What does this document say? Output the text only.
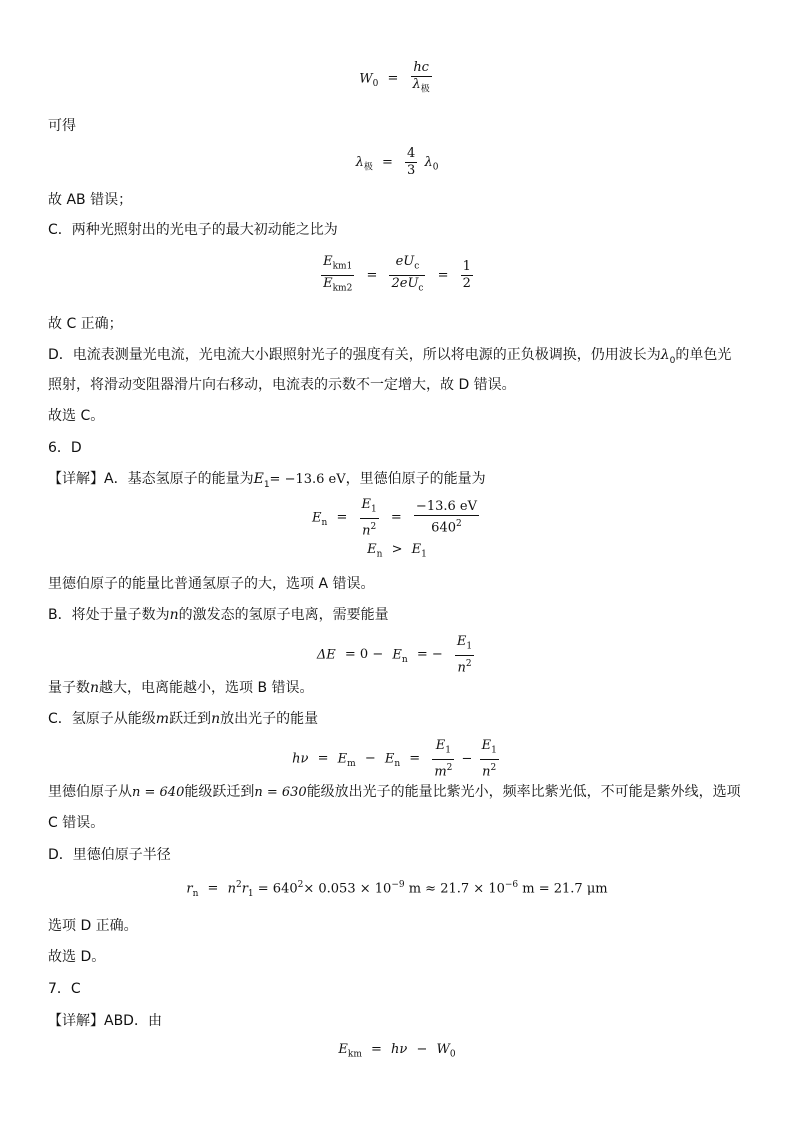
$W_0 = \frac{hc}{\lambda_极}$
可得
$\lambda_极 = \frac{4}{3} \lambda_0$
故 AB 错误；
C．两种光照射出的光电子的最大初动能之比为
$\frac{E_{km1}}{E_{km2}} = \frac{eU_c}{2eU_c} = \frac{1}{2}$
故 C 正确；
D．电流表测量光电流，光电流大小跟照射光子的强度有关，所以将电源的正负极调换，仍用波长为$\lambda_0$的单色光
照射，将滑动变阻器滑片向右移动，电流表的示数不一定增大，故 D 错误。
故选 C。
6．D
【详解】A．基态氢原子的能量为$E_1= -13.6$ eV，里德伯原子的能量为
$E_n = \frac{E_1}{n^2} = \frac{-13.6 eV}{640^2}$
$E_n > E_1$
里德伯原子的能量比普通氢原子的大，选项 A 错误。
B．将处于量子数为n的激发态的氢原子电离，需要能量
$\Delta E = 0 - E_n$ = − $\frac{E_1}{n^2}$
量子数n越大，电离能越小，选项 B 错误。
C．氢原子从能级m跃迁到n放出光子的能量
$h\nu = E_m - E_n = \frac{E_1}{m^2} - \frac{E_1}{n^2}$
里德伯原子从n = 640能级跃迁到n = 630能级放出光子的能量比紫光小，频率比紫光低，不可能是紫外线，选项
C 错误。
D．里德伯原子半径
$r_n = n^2r_1 = 640^2\times 0.053 \times 10^{-9}$ $m \approx 21.7 \times 10^{-6}$ m = 21.7 μm
选项 D 正确。
故选 D。
7．C
【详解】ABD．由
$E_{km} = h\nu - W_0$
